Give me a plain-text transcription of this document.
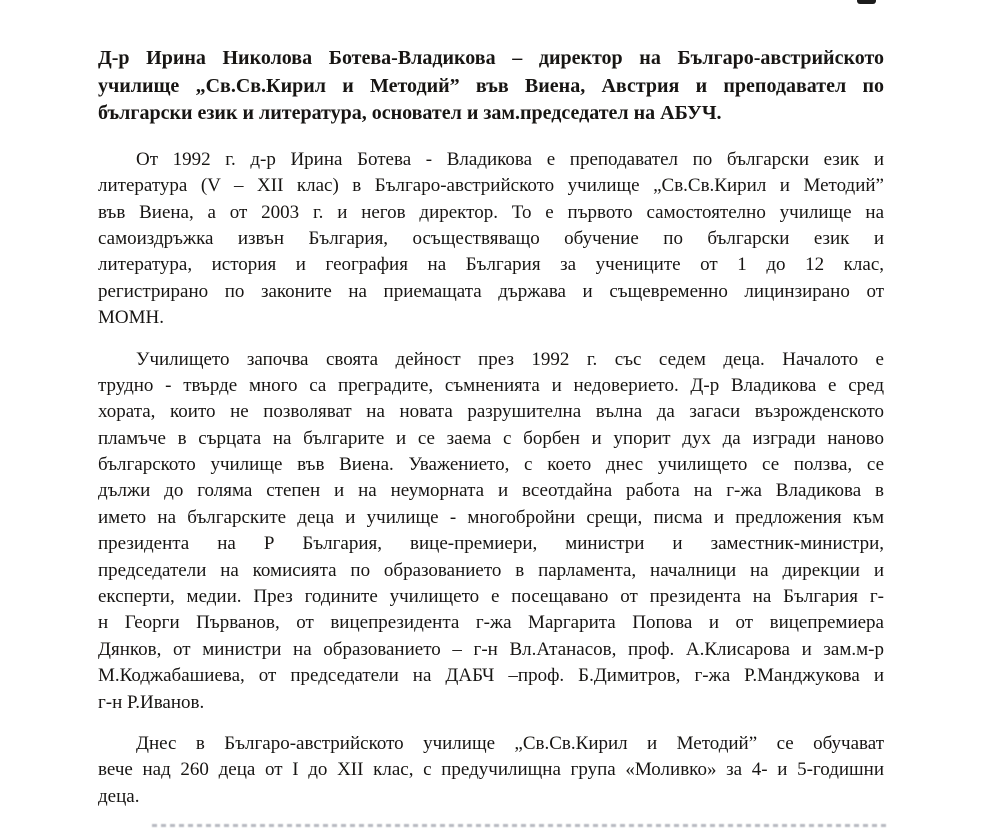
Д-р Ирина Николова Ботева-Владикова – директор на Българо-австрийското
училище „Св.Св.Кирил и Методий” във Виена, Австрия и преподавател по
български език и литература, основател и зам.председател на АБУЧ.
От 1992 г. д-р Ирина Ботева - Владикова е преподавател по български език и
литература (V – XII клас) в Българо-австрийското училище „Св.Св.Кирил и Методий”
във Виена, а от 2003 г. и негов директор. То е първото самостоятелно училище на
самоиздръжка извън България, осъществяващо обучение по български език и
литература, история и география на България за учениците от 1 до 12 клас,
регистрирано по законите на приемащата държава и същевременно лицинзирано от
МОМН.
Училището започва своята дейност през 1992 г. със седем деца. Началото е
трудно - твърде много са преградите, съмненията и недоверието. Д-р Владикова е сред
хората, които не позволяват на новата разрушителна вълна да загаси възрожденското
пламъче в сърцата на българите и се заема с борбен и упорит дух да изгради наново
българското училище във Виена. Уважението, с което днес училището се ползва, се
дължи до голяма степен и на неуморната и всеотдайна работа на г-жа Владикова в
името на българските деца и училище - многобройни срещи, писма и предложения към
президента на Р България, вице-премиери, министри и заместник-министри,
председатели на комисията по образованието в парламента, началници на дирекции и
експерти, медии. През годините училището е посещавано от президента на България г-
н Георги Първанов, от вицепрезидента г-жа Маргарита Попова и от вицепремиера
Дянков, от министри на образованието – г-н Вл.Атанасов, проф. А.Клисарова и зам.м-р
М.Коджабашиева, от председатели на ДАБЧ –проф. Б.Димитров, г-жа Р.Манджукова и
г-н Р.Иванов.
Днес в Българо-австрийското училище „Св.Св.Кирил и Методий” се обучават
вече над 260 деца от I до XII клас, с предучилищна група «Моливко» за 4- и 5-годишни
деца.
